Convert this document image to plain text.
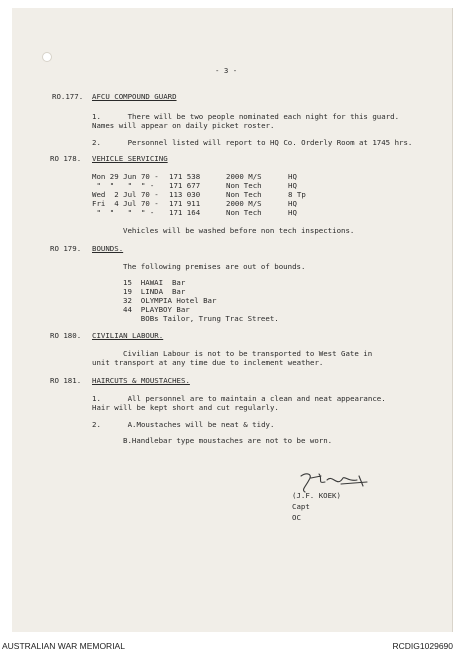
- 3 -
RO.177. AFCU COMPOUND GUARD
1.      There will be two people nominated each night for this guard.
Names will appear on daily picket roster.
2.      Personnel listed will report to HQ Co. Orderly Room at 1745 hrs.
RO 178. VEHICLE SERVICING
Mon 29 Jun 70 - 171 538	2000 M/S	HQ
"  "   "  " - 171 677	Non Tech	HQ
Wed  2 Jul 70 - 113 030	Non Tech	8 Tp
Fri  4 Jul 70 - 171 911	2000 M/S	HQ
"  "   "  " - 171 164	Non Tech	HQ
Vehicles will be washed before non tech inspections.
RO 179. BOUNDS.
The following premises are out of bounds.
15  HAWAI  Bar
19  LINDA  Bar
32  OLYMPIA Hotel Bar
44  PLAYBOY Bar
BOBs Tailor, Trung Trac Street.
RO 180. CIVILIAN LABOUR.
Civilian Labour is not to be transported to West Gate in
unit transport at any time due to inclement weather.
RO 181. HAIRCUTS & MOUSTACHES.
1.      All personnel are to maintain a clean and neat appearance.
Hair will be kept short and cut regularly.
2.      A.Moustaches will be neat & tidy.
B.Handlebar type moustaches are not to be worn.
(J.F. KOEK)
Capt
OC
AUSTRALIAN WAR MEMORIAL	RCDIG1029690
